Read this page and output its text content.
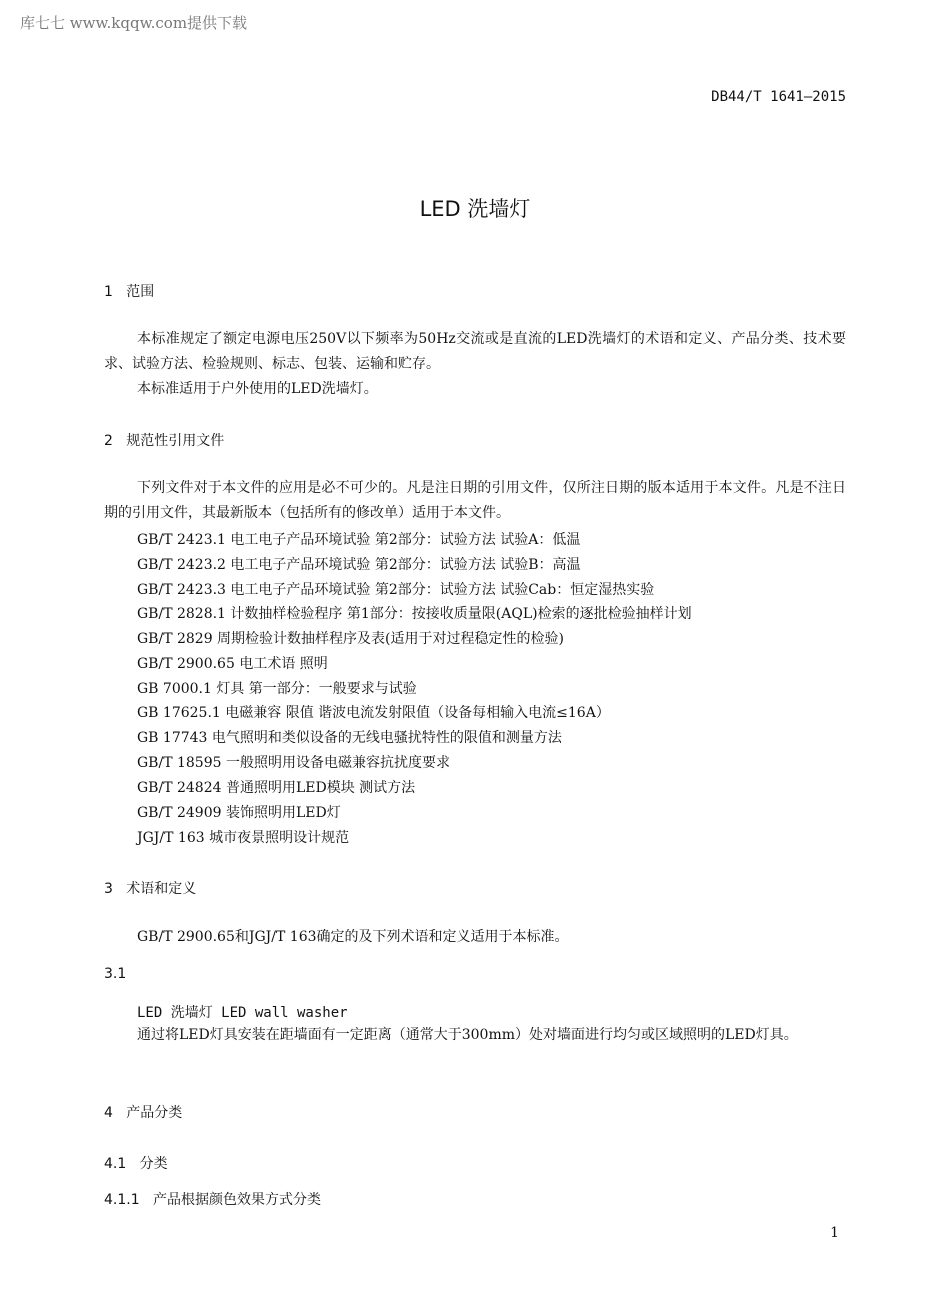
库七七 www.kqqw.com提供下载
DB44/T 1641—2015
LED 洗墙灯
1   范围
本标准规定了额定电源电压250V以下频率为50Hz交流或是直流的LED洗墙灯的术语和定义、产品分类、技术要求、试验方法、检验规则、标志、包装、运输和贮存。
本标准适用于户外使用的LED洗墙灯。
2   规范性引用文件
下列文件对于本文件的应用是必不可少的。凡是注日期的引用文件，仅所注日期的版本适用于本文件。凡是不注日期的引用文件，其最新版本（包括所有的修改单）适用于本文件。
GB/T 2423.1 电工电子产品环境试验 第2部分：试验方法 试验A：低温
GB/T 2423.2 电工电子产品环境试验 第2部分：试验方法 试验B：高温
GB/T 2423.3 电工电子产品环境试验 第2部分：试验方法 试验Cab：恒定湿热实验
GB/T 2828.1 计数抽样检验程序 第1部分：按接收质量限(AQL)检索的逐批检验抽样计划
GB/T 2829 周期检验计数抽样程序及表(适用于对过程稳定性的检验)
GB/T 2900.65 电工术语 照明
GB 7000.1 灯具 第一部分：一般要求与试验
GB 17625.1 电磁兼容 限值 谐波电流发射限值（设备每相输入电流≤16A）
GB 17743 电气照明和类似设备的无线电骚扰特性的限值和测量方法
GB/T 18595 一般照明用设备电磁兼容抗扰度要求
GB/T 24824 普通照明用LED模块 测试方法
GB/T 24909 装饰照明用LED灯
JGJ/T 163 城市夜景照明设计规范
3   术语和定义
GB/T 2900.65和JGJ/T 163确定的及下列术语和定义适用于本标准。
3.1
LED 洗墙灯 LED wall washer
通过将LED灯具安装在距墙面有一定距离（通常大于300mm）处对墙面进行均匀或区域照明的LED灯具。
4   产品分类
4.1   分类
4.1.1   产品根据颜色效果方式分类
1
